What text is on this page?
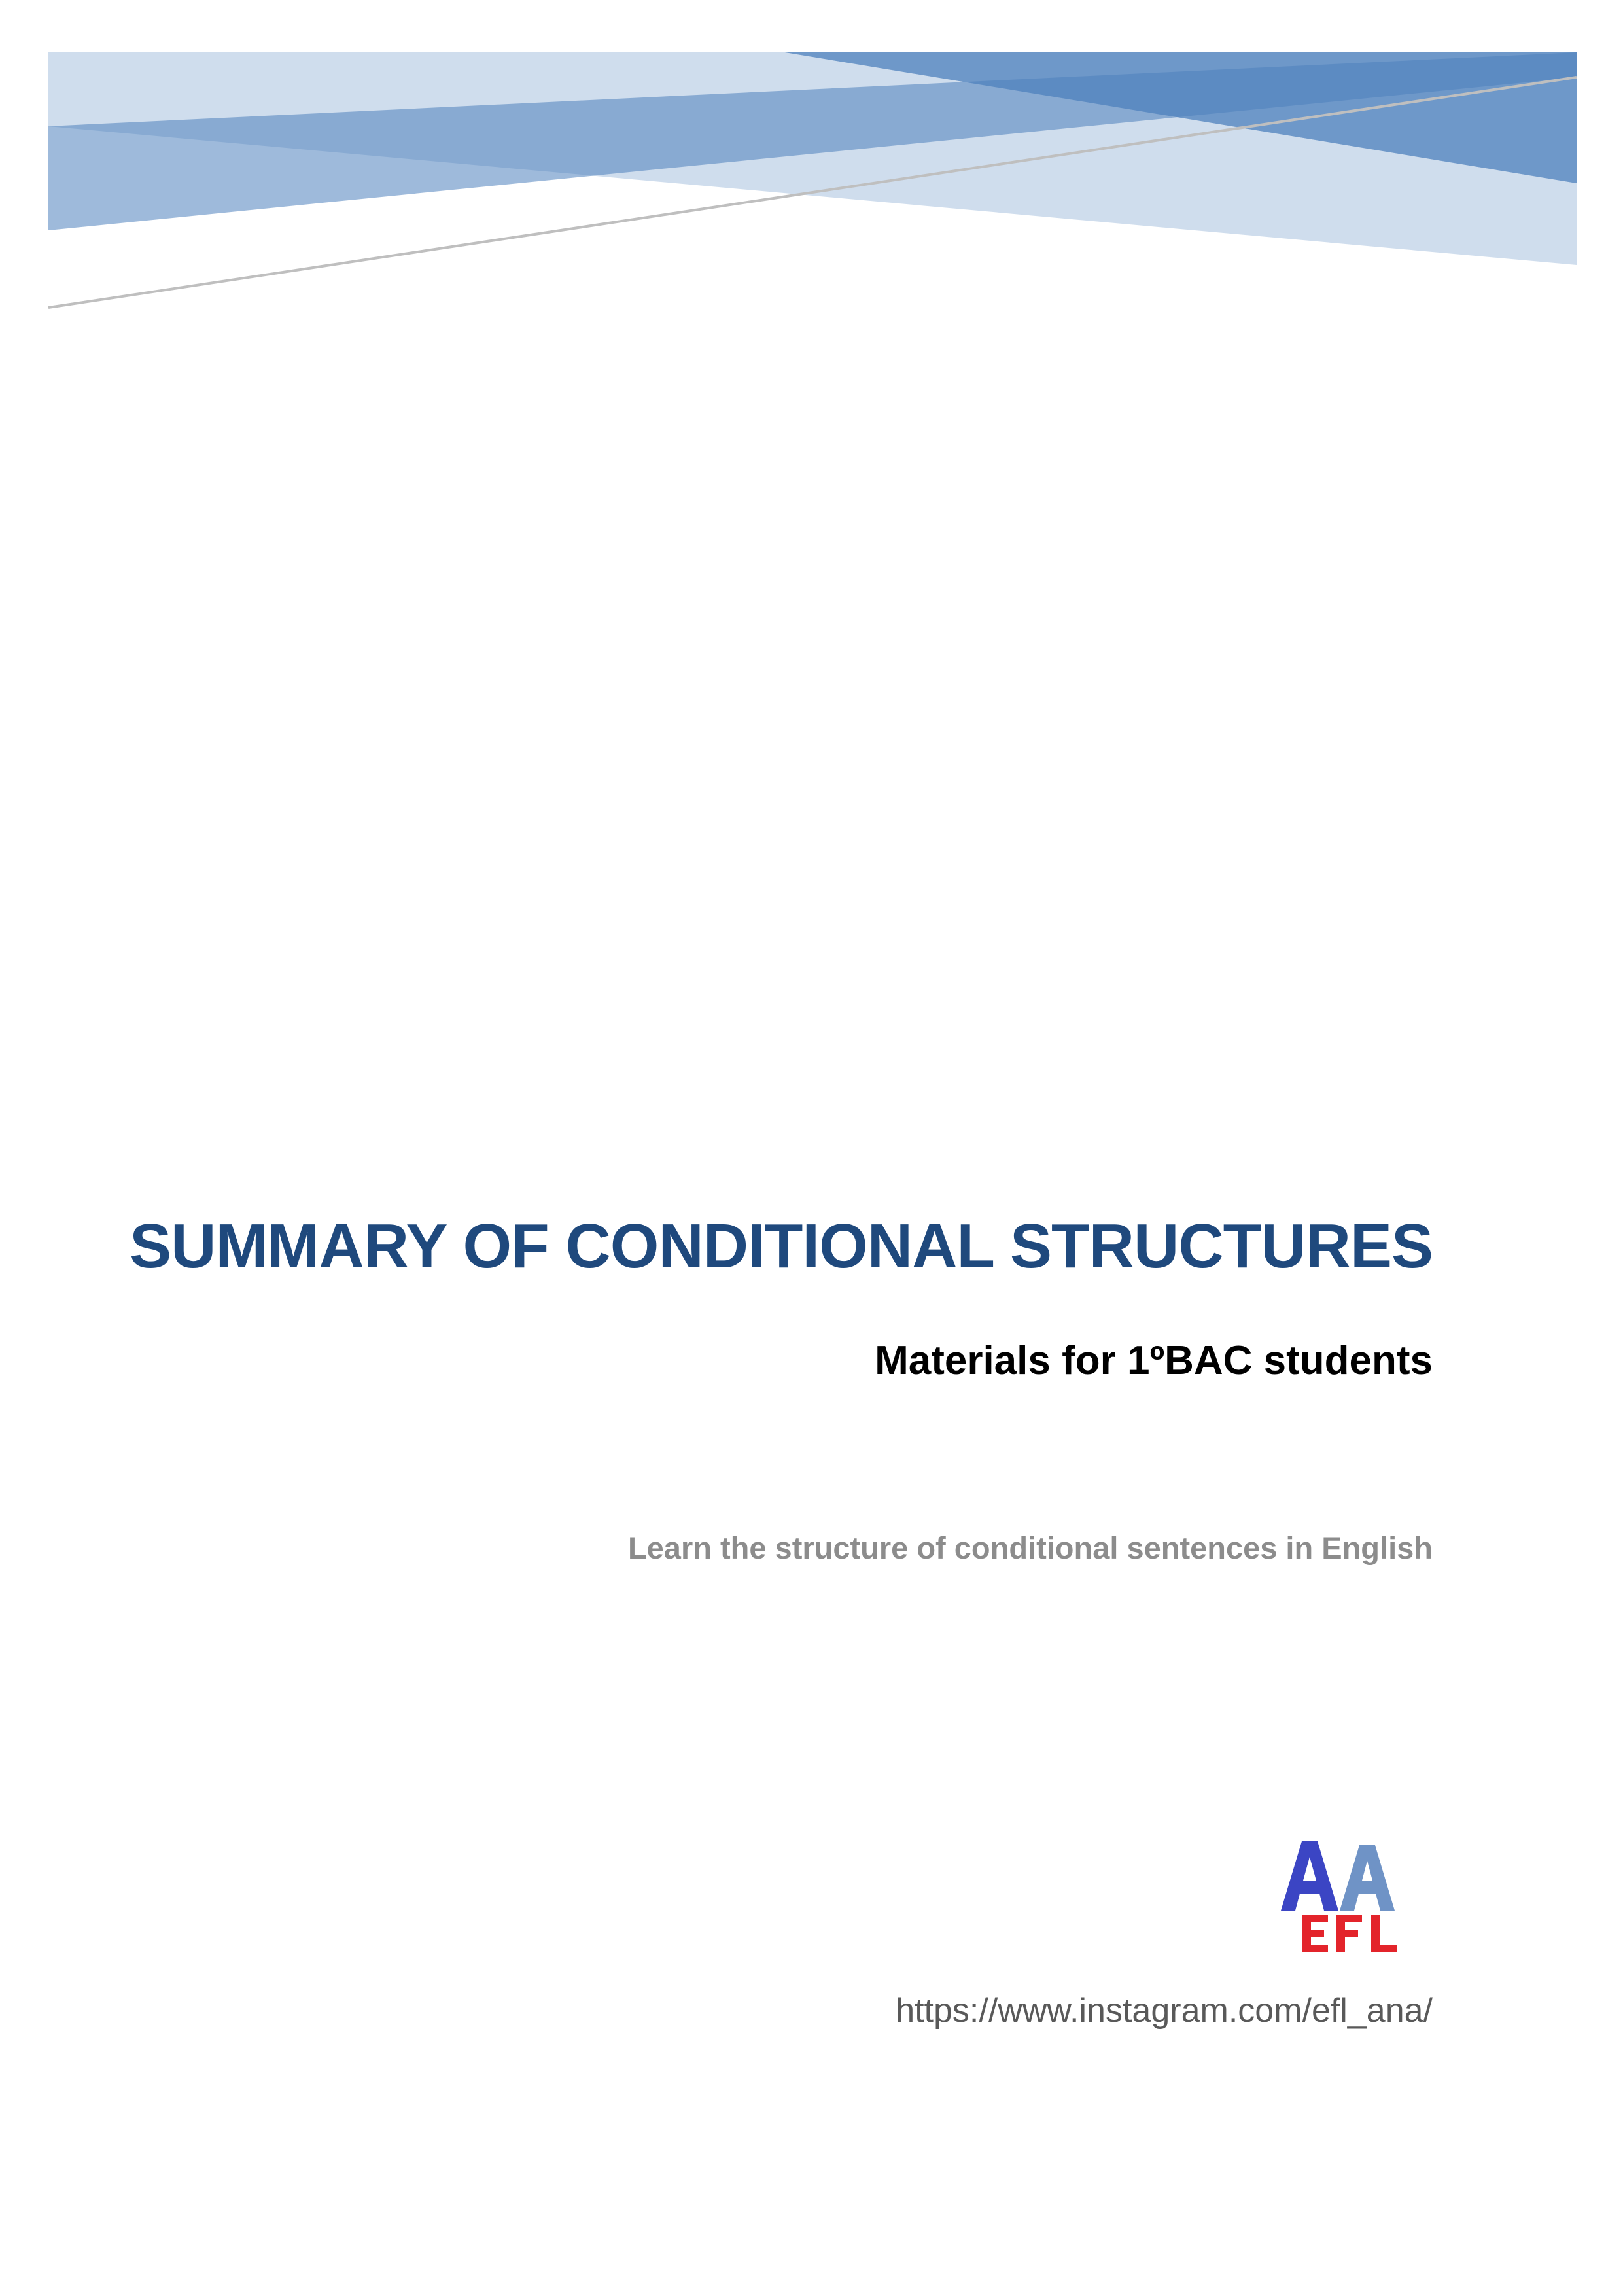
SUMMARY OF CONDITIONAL STRUCTURES

Materials for 1ºBAC students

Learn the structure of conditional sentences in English

https://www.instagram.com/efl_ana/
